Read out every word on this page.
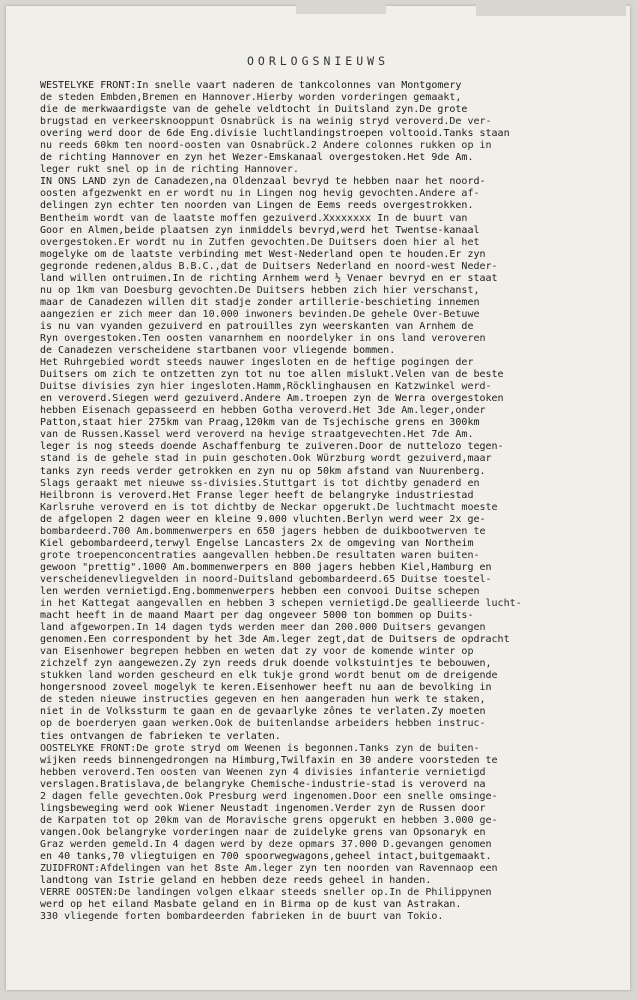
OORLOGSNIEUWS
WESTELYKE FRONT:In snelle vaart naderen de tankcolonnes van Montgomery
de steden Embden,Bremen en Hannover.Hierby worden vorderingen gemaakt,
die de merkwaardigste van de gehele veldtocht in Duitsland zyn.De grote
brugstad en verkeersknooppunt Osnabrück is na weinig stryd veroverd.De ver-
overing werd door de 6de Eng.divisie luchtlandingstroepen voltooid.Tanks staan
nu reeds 60km ten noord-oosten van Osnabrück.2 Andere colonnes rukken op in
de richting Hannover en zyn het Wezer-Emskanaal overgestoken.Het 9de Am.
leger rukt snel op in de richting Hannover.
IN ONS LAND zyn de Canadezen,na Oldenzaal bevryd te hebben naar het noord-
oosten afgezwenkt en er wordt nu in Lingen nog hevig gevochten.Andere af-
delingen zyn echter ten noorden van Lingen de Eems reeds overgestrokken.
Bentheim wordt van de laatste moffen gezuiverd.Xxxxxxxx In de buurt van
Goor en Almen,beide plaatsen zyn inmiddels bevryd,werd het Twentse-kanaal
overgestoken.Er wordt nu in Zutfen gevochten.De Duitsers doen hier al het
mogelyke om de laatste verbinding met West-Nederland open te houden.Er zyn
gegronde redenen,aldus B.B.C.,dat de Duitsers Nederland en noord-west Neder-
land willen ontruimen.In de richting Arnhem werd ½ Venaer bevryd en er staat
nu op 1km van Doesburg gevochten.De Duitsers hebben zich hier verschanst,
maar de Canadezen willen dit stadje zonder artillerie-beschieting innemen
aangezien er zich meer dan 10.000 inwoners bevinden.De gehele Over-Betuwe
is nu van vyanden gezuiverd en patrouilles zyn weerskanten van Arnhem de
Ryn overgestoken.Ten oosten vanarnhem en noordelyker in ons land veroveren
de Canadezen verscheidene startbanen voor vliegende bommen.
Het Ruhrgebied wordt steeds nauwer ingesloten en de heftige pogingen der
Duitsers om zich te ontzetten zyn tot nu toe allen mislukt.Velen van de beste
Duitse divisies zyn hier ingesloten.Hamm,Röcklinghausen en Katzwinkel werd-
en veroverd.Siegen werd gezuiverd.Andere Am.troepen zyn de Werra overgestoken
hebben Eisenach gepasseerd en hebben Gotha veroverd.Het 3de Am.leger,onder
Patton,staat hier 275km van Praag,120km van de Tsjechische grens en 300km
van de Russen.Kassel werd veroverd na hevige straatgevechten.Het 7de Am.
leger is nog steeds doende Aschaffenburg te zuiveren.Door de nuttelozo tegen-
stand is de gehele stad in puin geschoten.Ook Würzburg wordt gezuiverd,maar
tanks zyn reeds verder getrokken en zyn nu op 50km afstand van Nuurenberg.
Slags geraakt met nieuwe ss-divisies.Stuttgart is tot dichtby genaderd en
Heilbronn is veroverd.Het Franse leger heeft de belangryke industriestad
Karlsruhe veroverd en is tot dichtby de Neckar opgerukt.De luchtmacht moeste
de afgelopen 2 dagen weer en kleine 9.000 vluchten.Berlyn werd weer 2x ge-
bombardeerd.700 Am.bommenwerpers en 650 jagers hebben de duikbootwerven te
Kiel gebombardeerd,terwyl Engelse Lancasters 2x de omgeving van Northeim
grote troepenconcentraties aangevallen hebben.De resultaten waren buiten-
gewoon "prettig".1000 Am.bommenwerpers en 800 jagers hebben Kiel,Hamburg en
verscheidenevliegvelden in noord-Duitsland gebombardeerd.65 Duitse toestel-
len werden vernietigd.Eng.bommenwerpers hebben een convooi Duitse schepen
in het Kattegat aangevallen en hebben 3 schepen vernietigd.De geallieerde lucht-
macht heeft in de maand Maart per dag ongeveer 5000 ton bommen op Duits-
land afgeworpen.In 14 dagen tyds werden meer dan 200.000 Duitsers gevangen
genomen.Een correspondent by het 3de Am.leger zegt,dat de Duitsers de opdracht
van Eisenhower begrepen hebben en weten dat zy voor de komende winter op
zichzelf zyn aangewezen.Zy zyn reeds druk doende volkstuintjes te bebouwen,
stukken land worden gescheurd en elk tukje grond wordt benut om de dreigende
hongersnood zoveel mogelyk te keren.Eisenhower heeft nu aan de bevolking in
de steden nieuwe instructies gegeven en hen aangeraden hun werk te staken,
niet in de Volkssturm te gaan en de gevaarlyke zônes te verlaten.Zy moeten
op de boerderyen gaan werken.Ook de buitenlandse arbeiders hebben instruc-
ties ontvangen de fabrieken te verlaten.
OOSTELYKE FRONT:De grote stryd om Weenen is begonnen.Tanks zyn de buiten-
wijken reeds binnengedrongen na Himburg,Twilfaxin en 30 andere voorsteden te
hebben veroverd.Ten oosten van Weenen zyn 4 divisies infanterie vernietigd
verslagen.Bratislava,de belangryke Chemische-industrie-stad is veroverd na
2 dagen felle gevechten.Ook Presburg werd ingenomen.Door een snelle omsinge-
lingsbeweging werd ook Wiener Neustadt ingenomen.Verder zyn de Russen door
de Karpaten tot op 20km van de Moravische grens opgerukt en hebben 3.000 ge-
vangen.Ook belangryke vorderingen naar de zuidelyke grens van Opsonaryk en
Graz werden gemeld.In 4 dagen werd by deze opmars 37.000 D.gevangen genomen
en 40 tanks,70 vliegtuigen en 700 spoorwegwagons,geheel intact,buitgemaakt.
ZUIDFRONT:Afdelingen van het 8ste Am.leger zyn ten noorden van Ravennaop een
landtong van Istrie geland en hebben deze reeds geheel in handen.
VERRE OOSTEN:De landingen volgen elkaar steeds sneller op.In de Philippynen
werd op het eiland Masbate geland en in Birma op de kust van Astrakan.
330 vliegende forten bombardeerden fabrieken in de buurt van Tokio.
